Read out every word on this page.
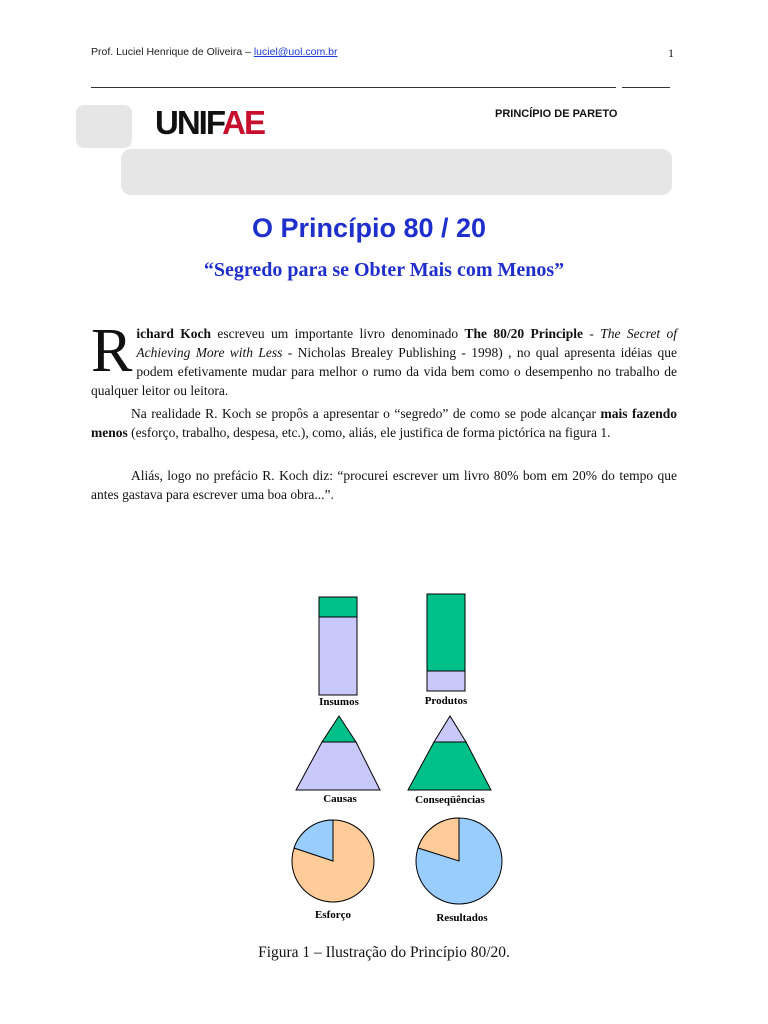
Prof. Luciel Henrique de Oliveira – luciel@uol.com.br	1
UNIFAE	PRINCÍPIO DE PARETO
O Princípio 80 / 20
“Segredo para se Obter Mais com Menos”
Richard Koch escreveu um importante livro denominado The 80/20 Principle - The Secret of Achieving More with Less - Nicholas Brealey Publishing - 1998) , no qual apresenta idéias que podem efetivamente mudar para melhor o rumo da vida bem como o desempenho no trabalho de qualquer leitor ou leitora.
Na realidade R. Koch se propôs a apresentar o “segredo” de como se pode alcançar mais fazendo menos (esforço, trabalho, despesa, etc.), como, aliás, ele justifica de forma pictórica na figura 1.
Aliás, logo no prefácio R. Koch diz: “procurei escrever um livro 80% bom em 20% do tempo que antes gastava para escrever uma boa obra...”.
Insumos	Produtos
Causas	Conseqüências
Esforço	Resultados
Figura 1 – Ilustração do Princípio 80/20.
